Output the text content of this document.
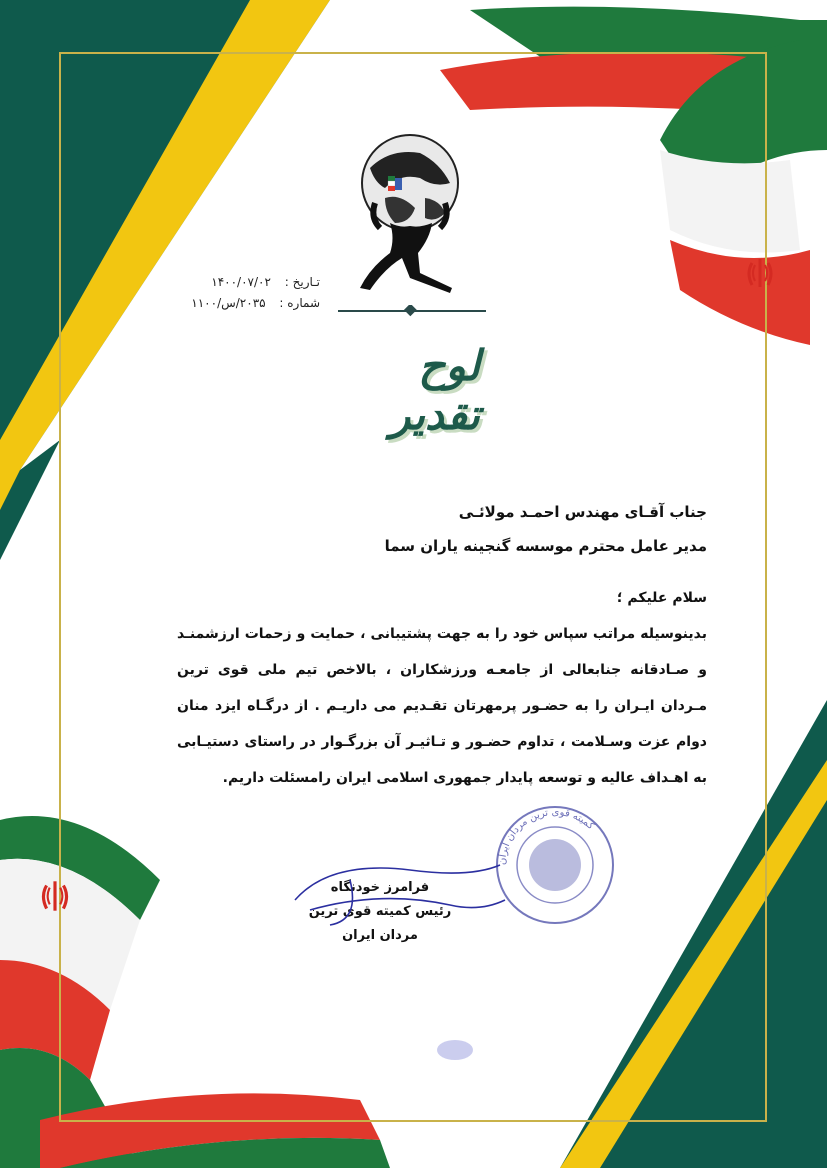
تـاریخ : ۱۴۰۰/۰۷/۰۲
شماره : ۲۰۳۵/س/۱۱۰۰
لوح تقدیر
جناب آقـای مهندس احمـد مولائـی
مدیر عامل محترم موسسه گنجینه یاران سما
سلام علیکم ؛
بدینوسیله مراتب سپاس خود را به جهت پشتیبانی ، حمایت و زحمات ارزشمنـد و صـادقانه جنابعالی از جامعـه ورزشکاران ، بالاخص تیم ملی قوی ترین مـردان ایـران را به حضـور پرمهرتان تقـدیم می داریـم . از درگـاه ایزد منان دوام عزت وسـلامت ، تداوم حضـور و تـاثیـر آن بزرگـوار در راستای دستیـابی به اهـداف عالیه و توسعه پایدار جمهوری اسلامی ایران رامسئلت داریم.
کمیته قوی ترین مردان ایران
فرامرز خودنگاه
رئیس کمیته قوی ترین مردان ایران
